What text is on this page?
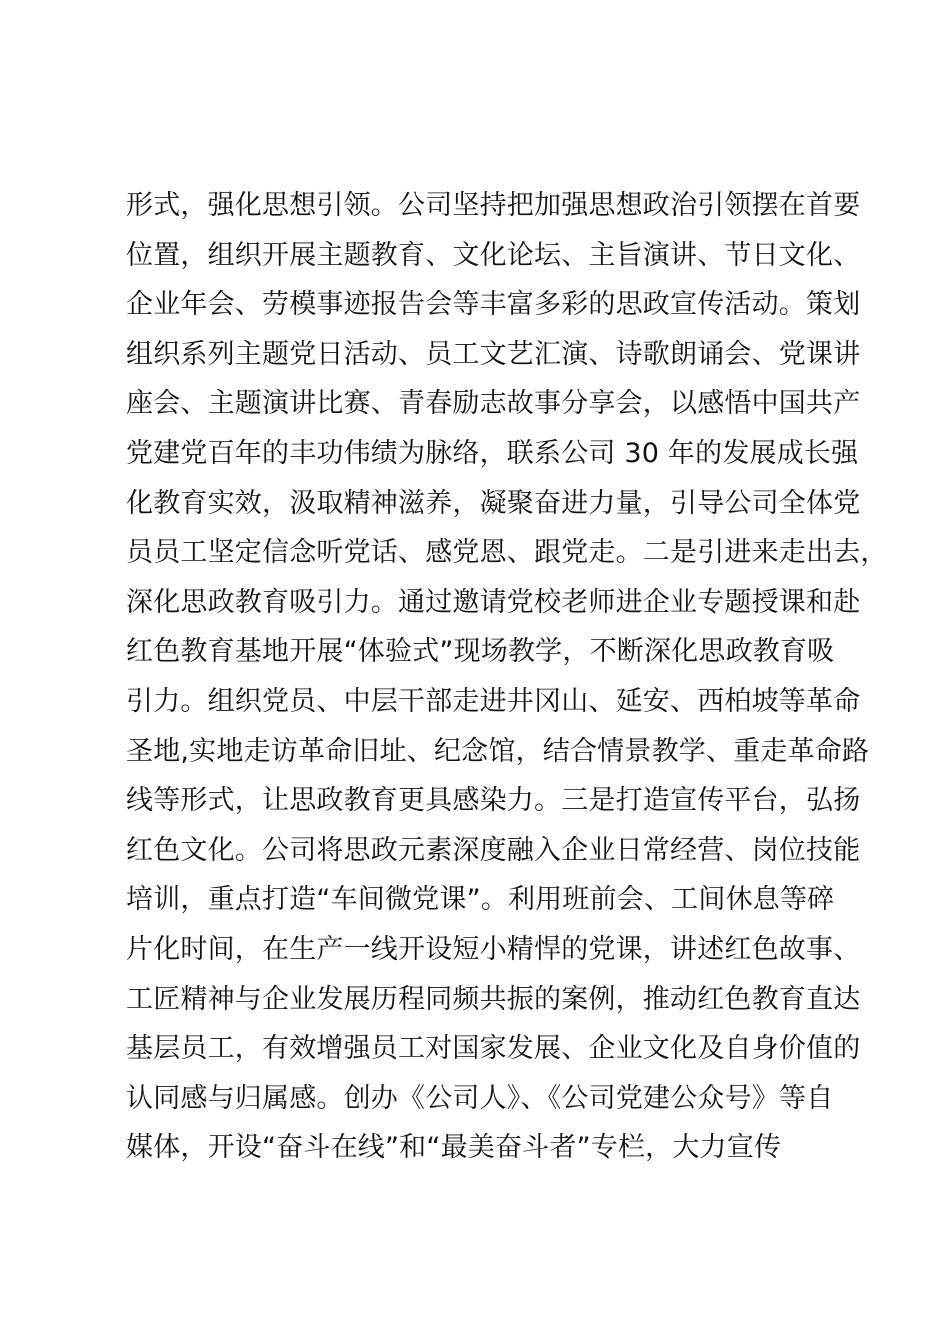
形式，强化思想引领。公司坚持把加强思想政治引领摆在首要
位置，组织开展主题教育、文化论坛、主旨演讲、节日文化、
企业年会、劳模事迹报告会等丰富多彩的思政宣传活动。策划
组织系列主题党日活动、员工文艺汇演、诗歌朗诵会、党课讲
座会、主题演讲比赛、青春励志故事分享会，以感悟中国共产
党建党百年的丰功伟绩为脉络，联系公司 30 年的发展成长强
化教育实效，汲取精神滋养，凝聚奋进力量，引导公司全体党
员员工坚定信念听党话、感党恩、跟党走。二是引进来走出去，
深化思政教育吸引力。通过邀请党校老师进企业专题授课和赴
红色教育基地开展“体验式”现场教学，不断深化思政教育吸
引力。组织党员、中层干部走进井冈山、延安、西柏坡等革命
圣地,实地走访革命旧址、纪念馆，结合情景教学、重走革命路
线等形式，让思政教育更具感染力。三是打造宣传平台，弘扬
红色文化。公司将思政元素深度融入企业日常经营、岗位技能
培训，重点打造“车间微党课”。利用班前会、工间休息等碎
片化时间，在生产一线开设短小精悍的党课，讲述红色故事、
工匠精神与企业发展历程同频共振的案例，推动红色教育直达
基层员工，有效增强员工对国家发展、企业文化及自身价值的
认同感与归属感。创办《公司人》、《公司党建公众号》等自
媒体，开设“奋斗在线”和“最美奋斗者”专栏，大力宣传
